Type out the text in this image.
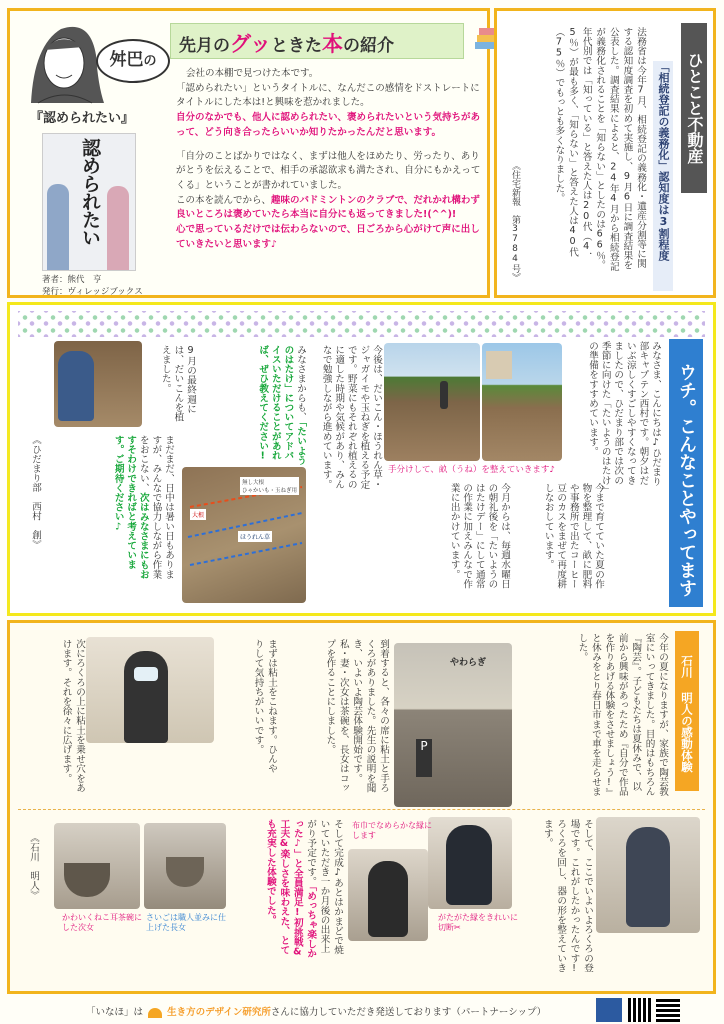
舛巴の
『認められたい』
認められたい
著者：熊代　亨
発行：ヴィレッジブックス
先月のグッときた本の紹介
会社の本棚で見つけた本です。
「認められたい」というタイトルに、なんだこの感情をドストレートにタイトルにした本は!と興味を惹かれました。
自分のなかでも、他人に認められたい、褒められたいという気持ちがあって、どう向き合ったらいいか知りたかったんだと思います。
「自分のことばかりではなく、まずは他人をほめたり、労ったり、ありがとうを伝えることで、相手の承認欲求も満たされ、自分にもかえってくる」ということが書かれていました。
この本を読んでから、趣味のバドミントンのクラブで、だれかれ構わず良いところは褒めていたら本当に自分にも返ってきました!(^^)!
心で思っているだけでは伝わらないので、日ごろから心がけて声に出していきたいと思います♪
ひとこと不動産
「相続登記の義務化」認知度は3割程度
法務省は今年7月、相続登記の義務化・遺産分割等に関する認知度調査を初めて実施し、9月6日に調査結果を公表した。調査結果によると、24年4月から相続登記が義務化されることを「知らない」としたのは66％。年代別では「知っている」と答えた人は20代（4．5％）が最も多く、「知らない」と答えた人は40代（75％）でもっとも多くなりました。
《住宅新報　第3784号》
ウチ。こんなことやってます
みなさま、こんにちは♪ひだまり部キャプテン西村です。朝夕はだいぶ涼しくすごしやすくなってきましたので、ひだまり部では次の季節に向けた「たいようのはたけ」の準備をすすめています。
手分けして、畝（うね）を整えていきます♪
今まで育てていた夏の作物を整理して、畝に肥料や事務所で出たコーヒー豆のカスをまぜて再度耕しなおしています。
今月からは、毎週水曜日の朝礼後を「たいようのはたけデー」にして通常の作業に加えみんなで作業に出かけています。
今後は、だいこん・ほうれん草・ジャガイモや玉ねぎを植える予定です。野菜にもそれぞれ植えるのに適した時期や気候があり、みんなで勉強しながら進めています。
みなさまからも、「たいようのはたけ」についてアドバイスいただけることがあれば、ぜひ教えてください!
無し大根
ひゃかいも・玉ねぎ用
大根
ほうれん草
9月の最終週には、だいこんを植えました。
まだまだ、日中は暑い日もありますが、みんなで協力しながら作業をおこない、次はみなさまにもおすそわけできればと考えています。ご期待ください♪
《ひだまり部　西村　創》
石川 明人の感動体験
今年の夏になりますが、家族で陶芸教室にいってきました。目的はもちろん『陶芸』。子どもたちは夏休みで、以前から興味があったため『自分で作品を作りあげる体験をさせましょう!』と休みをとり春日市まで車を走らせました。
やわらぎ
P
到着すると、各々の席に粘土と手ろくろがありました。先生の説明を聞き、いよいよ陶芸体験開始です。私・妻・次女は茶碗を、長女はコップを作ることにしました。
まずは粘土をこねます。ひんやりして気持ちがいいです。
次にろくろの上に粘土を乗せ穴をあけます。それを徐々に広げます。
そして、ここでいよいよろくろの登場です。これがしたかったんです!ろくろを回し、器の形を整えていきます。
がたがた縁をきれいに切断✂
布巾でなめらかな縁にします
そして完成♪あとはかまどで焼いていただき一か月後の出来上がり予定です。「めっちゃ楽しかった♪」と全員満足!初挑戦&工夫&楽しさを味わえた、とても充実した体験でした。
さいごは職人並みに仕上げた長女
かわいくねこ耳茶碗にした次女
《石川　明人》
「いなほ」は	生き方のデザイン研究所さんに協力していただき発送しております（パートナーシップ）
